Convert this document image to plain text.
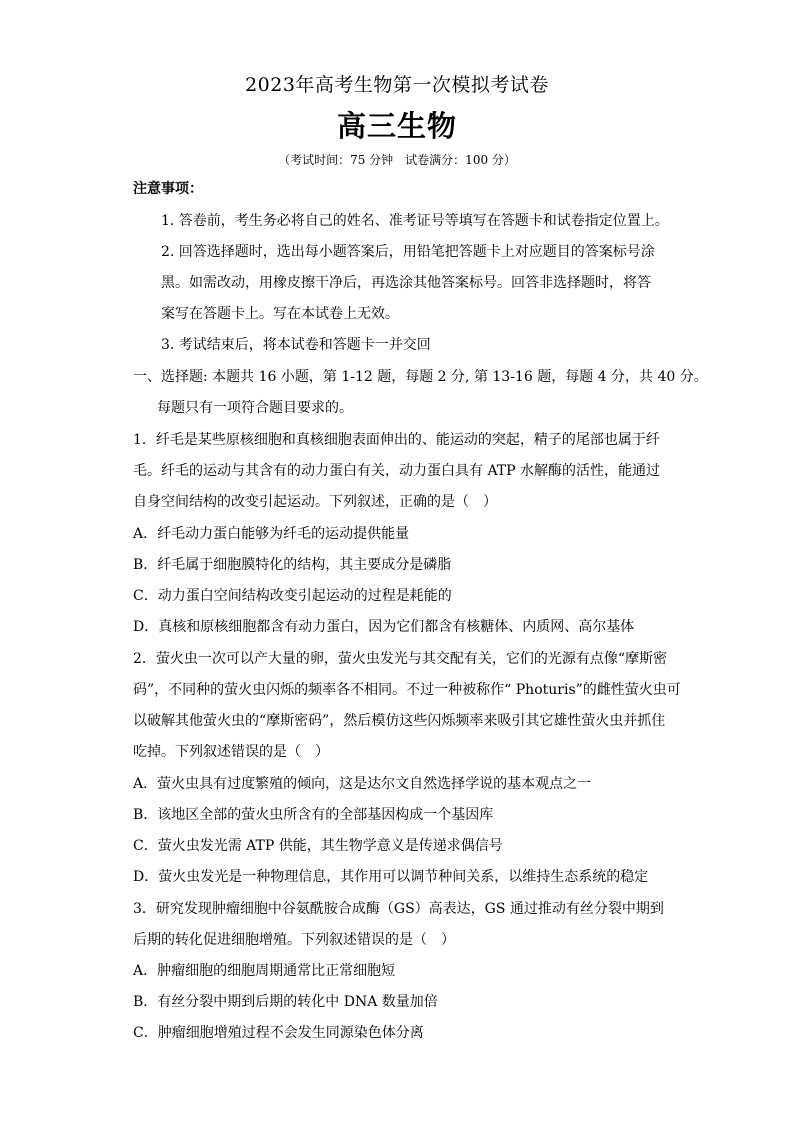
2023年高考生物第一次模拟考试卷
高三生物
（考试时间：75 分钟　试卷满分：100 分）
注意事项：
1. 答卷前，考生务必将自己的姓名、准考证号等填写在答题卡和试卷指定位置上。
2. 回答选择题时，选出每小题答案后，用铅笔把答题卡上对应题目的答案标号涂
黑。如需改动，用橡皮擦干净后，再选涂其他答案标号。回答非选择题时，将答
案写在答题卡上。写在本试卷上无效。
3. 考试结束后，将本试卷和答题卡一并交回
一、选择题: 本题共 16 小题，第 1-12 题，每题 2 分, 第 13-16 题，每题 4 分，共 40 分。
每题只有一项符合题目要求的。
1．纤毛是某些原核细胞和真核细胞表面伸出的、能运动的突起，精子的尾部也属于纤
毛。纤毛的运动与其含有的动力蛋白有关，动力蛋白具有 ATP 水解酶的活性，能通过
自身空间结构的改变引起运动。下列叙述，正确的是（　）
A．纤毛动力蛋白能够为纤毛的运动提供能量
B．纤毛属于细胞膜特化的结构，其主要成分是磷脂
C．动力蛋白空间结构改变引起运动的过程是耗能的
D．真核和原核细胞都含有动力蛋白，因为它们都含有核糖体、内质网、高尔基体
2．萤火虫一次可以产大量的卵，萤火虫发光与其交配有关，它们的光源有点像“摩斯密
码”，不同种的萤火虫闪烁的频率各不相同。不过一种被称作“ Photuris”的雌性萤火虫可
以破解其他萤火虫的“摩斯密码”，然后模仿这些闪烁频率来吸引其它雄性萤火虫并抓住
吃掉。下列叙述错误的是（　）
A．萤火虫具有过度繁殖的倾向，这是达尔文自然选择学说的基本观点之一
B．该地区全部的萤火虫所含有的全部基因构成一个基因库
C．萤火虫发光需 ATP 供能，其生物学意义是传递求偶信号
D．萤火虫发光是一种物理信息，其作用可以调节种间关系，以维持生态系统的稳定
3．研究发现肿瘤细胞中谷氨酰胺合成酶（GS）高表达，GS 通过推动有丝分裂中期到
后期的转化促进细胞增殖。下列叙述错误的是（　）
A．肿瘤细胞的细胞周期通常比正常细胞短
B．有丝分裂中期到后期的转化中 DNA 数量加倍
C．肿瘤细胞增殖过程不会发生同源染色体分离
